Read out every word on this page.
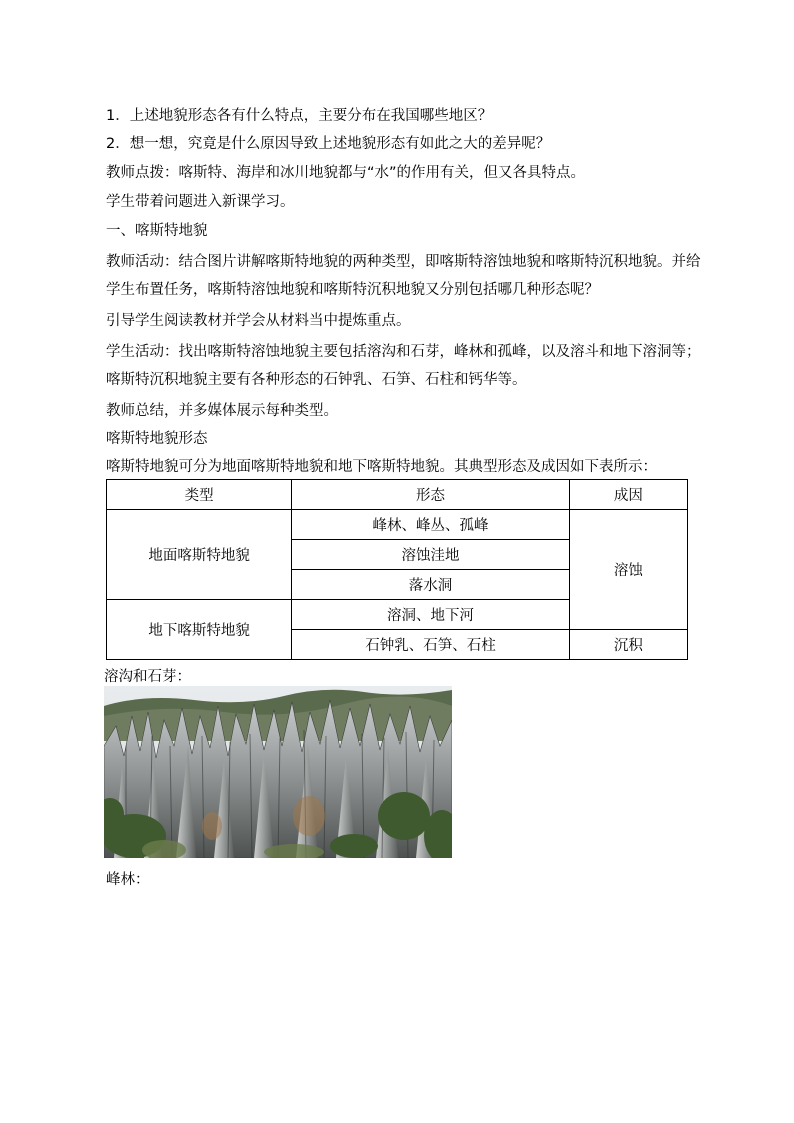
1．上述地貌形态各有什么特点，主要分布在我国哪些地区？
2．想一想，究竟是什么原因导致上述地貌形态有如此之大的差异呢？
教师点拨：喀斯特、海岸和冰川地貌都与“水”的作用有关，但又各具特点。
学生带着问题进入新课学习。
一、喀斯特地貌
教师活动：结合图片讲解喀斯特地貌的两种类型，即喀斯特溶蚀地貌和喀斯特沉积地貌。并给学生布置任务，喀斯特溶蚀地貌和喀斯特沉积地貌又分别包括哪几种形态呢？
引导学生阅读教材并学会从材料当中提炼重点。
学生活动：找出喀斯特溶蚀地貌主要包括溶沟和石芽，峰林和孤峰，以及溶斗和地下溶洞等；喀斯特沉积地貌主要有各种形态的石钟乳、石笋、石柱和钙华等。
教师总结，并多媒体展示每种类型。
喀斯特地貌形态
喀斯特地貌可分为地面喀斯特地貌和地下喀斯特地貌。其典型形态及成因如下表所示：
类型	形态	成因
地面喀斯特地貌	峰林、峰丛、孤峰	溶蚀
	溶蚀洼地	
	落水洞	
地下喀斯特地貌	溶洞、地下河	
	石钟乳、石笋、石柱	沉积
溶沟和石芽：
峰林：
